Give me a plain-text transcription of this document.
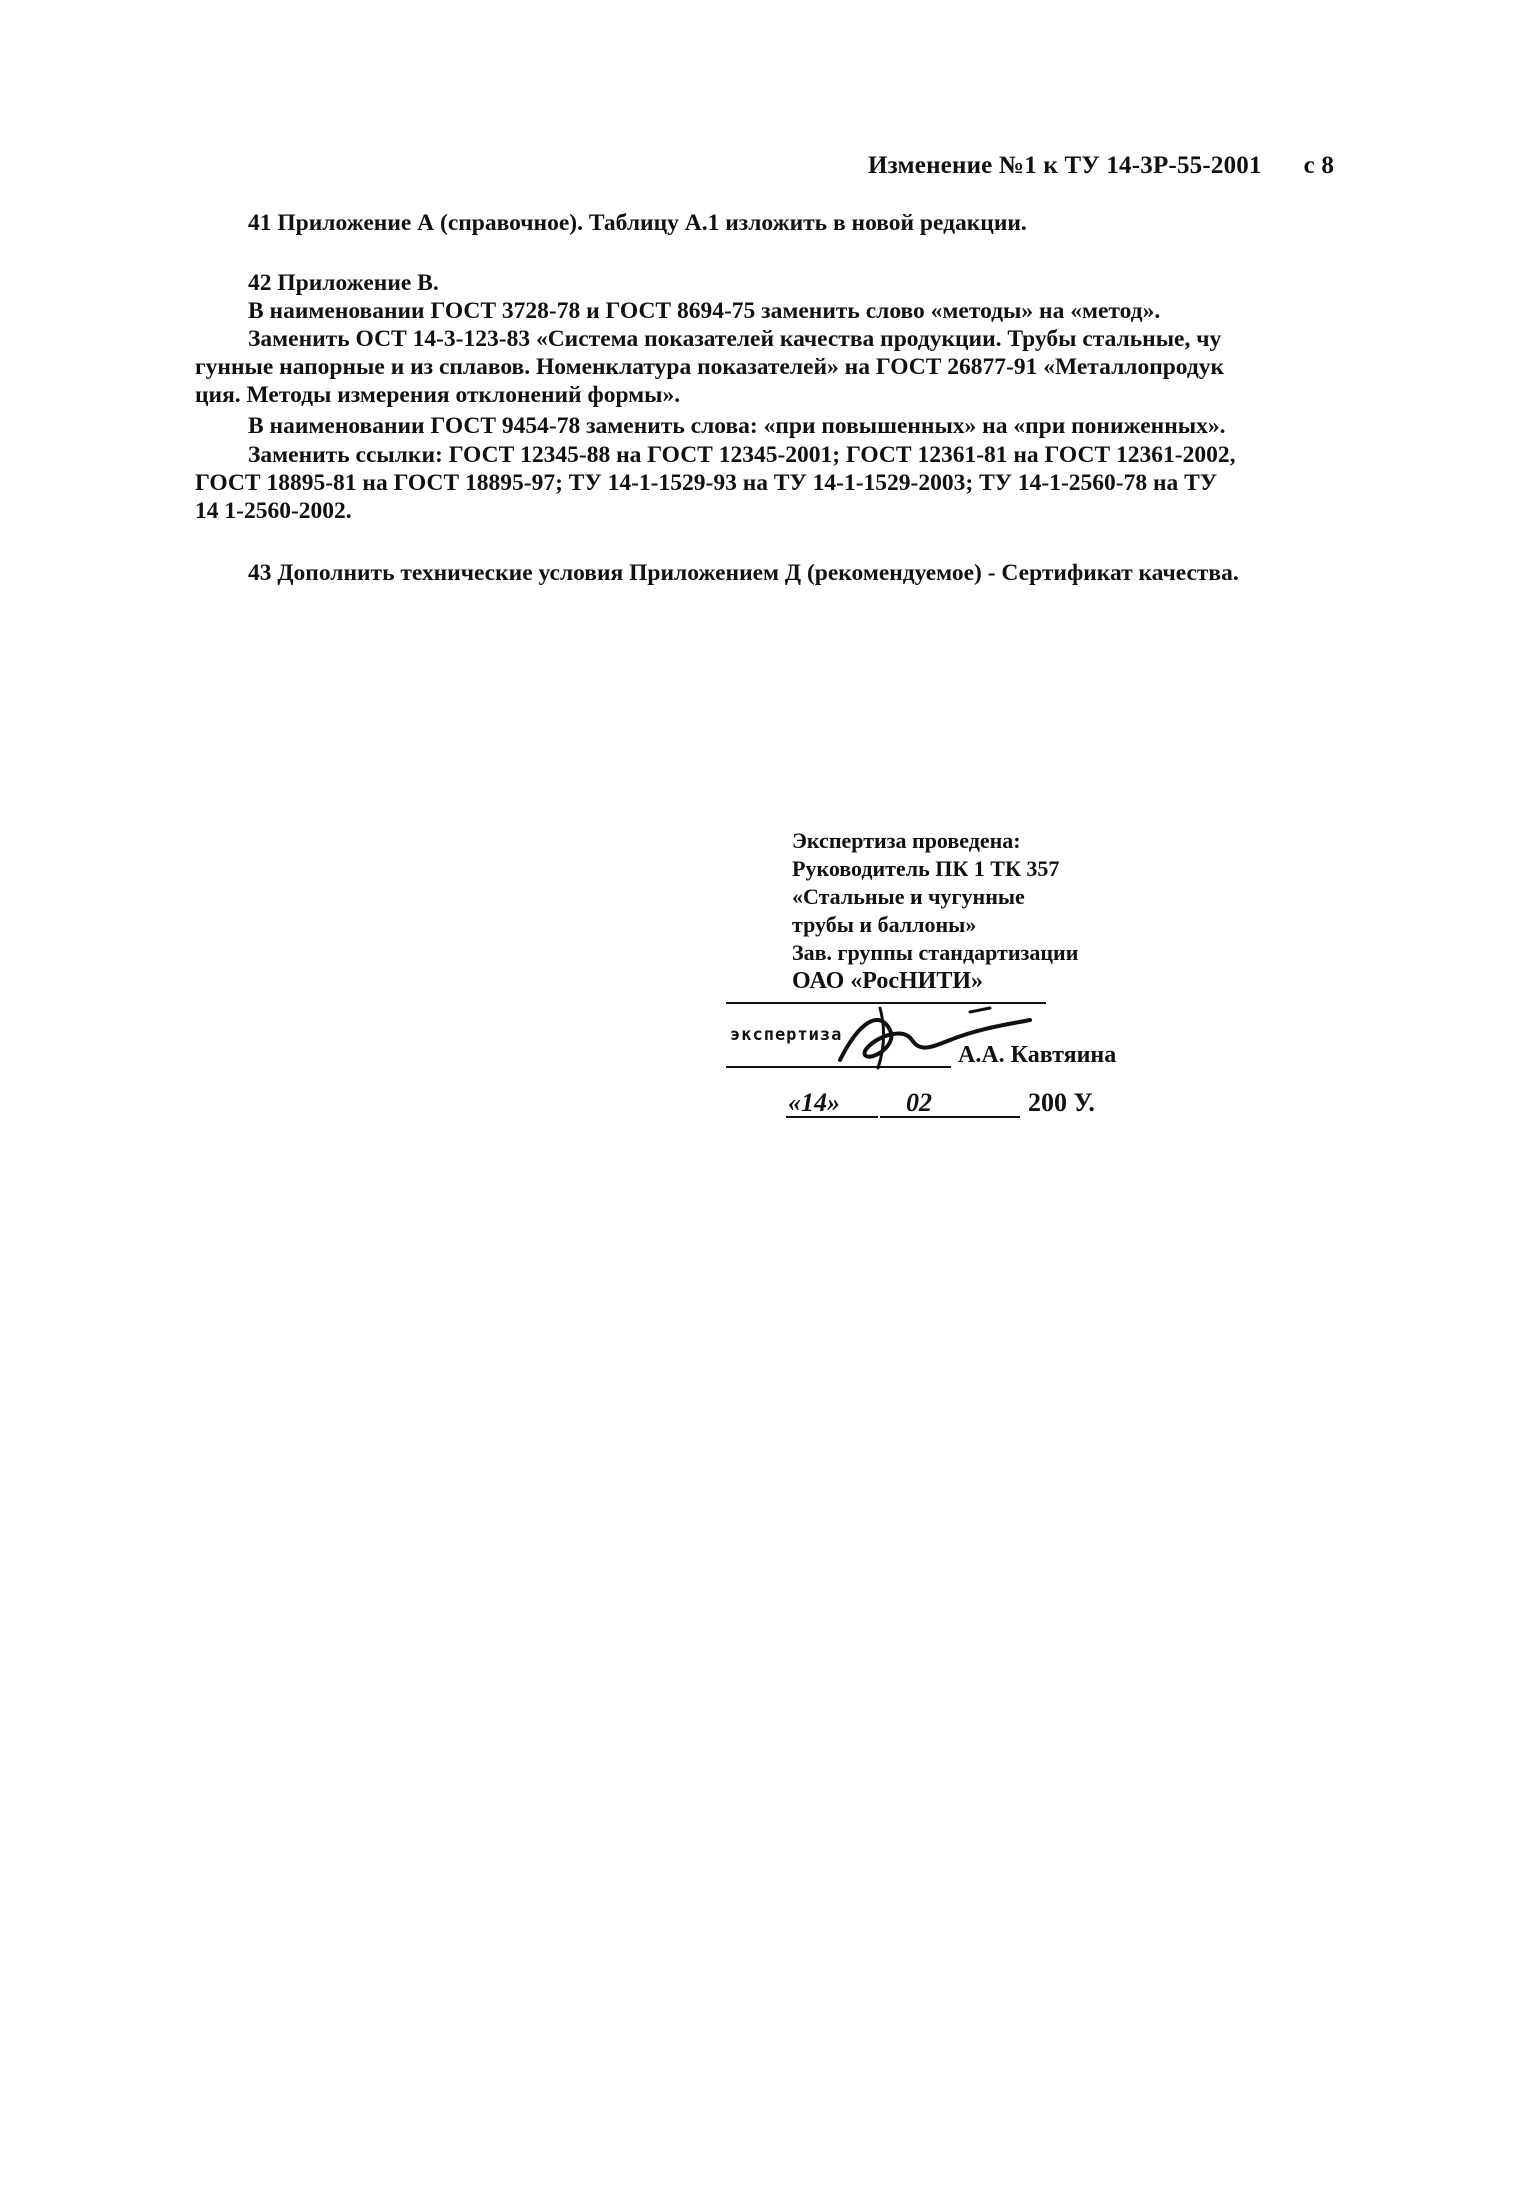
Изменение №1 к ТУ 14-3Р-55-2001 с 8
41 Приложение А (справочное). Таблицу А.1 изложить в новой редакции.
42 Приложение В.
В наименовании ГОСТ 3728-78 и ГОСТ 8694-75 заменить слово «методы» на «метод».
Заменить ОСТ 14-3-123-83 «Система показателей качества продукции. Трубы стальные, чу
гунные напорные и из сплавов. Номенклатура показателей» на ГОСТ 26877-91 «Металлопродук
ция. Методы измерения отклонений формы».
В наименовании ГОСТ 9454-78 заменить слова: «при повышенных» на «при пониженных».
Заменить ссылки: ГОСТ 12345-88 на ГОСТ 12345-2001; ГОСТ 12361-81 на ГОСТ 12361-2002,
ГОСТ 18895-81 на ГОСТ 18895-97; ТУ 14-1-1529-93 на ТУ 14-1-1529-2003; ТУ 14-1-2560-78 на ТУ
14 1-2560-2002.
43 Дополнить технические условия Приложением Д (рекомендуемое) - Сертификат качества.
Экспертиза проведена:
Руководитель ПК 1 ТК 357
«Стальные и чугунные
трубы и баллоны»
Зав. группы стандартизации
ОАО «РосНИТИ»
экспертиза
А.А. Кавтяина
«14»	02	200 У.
